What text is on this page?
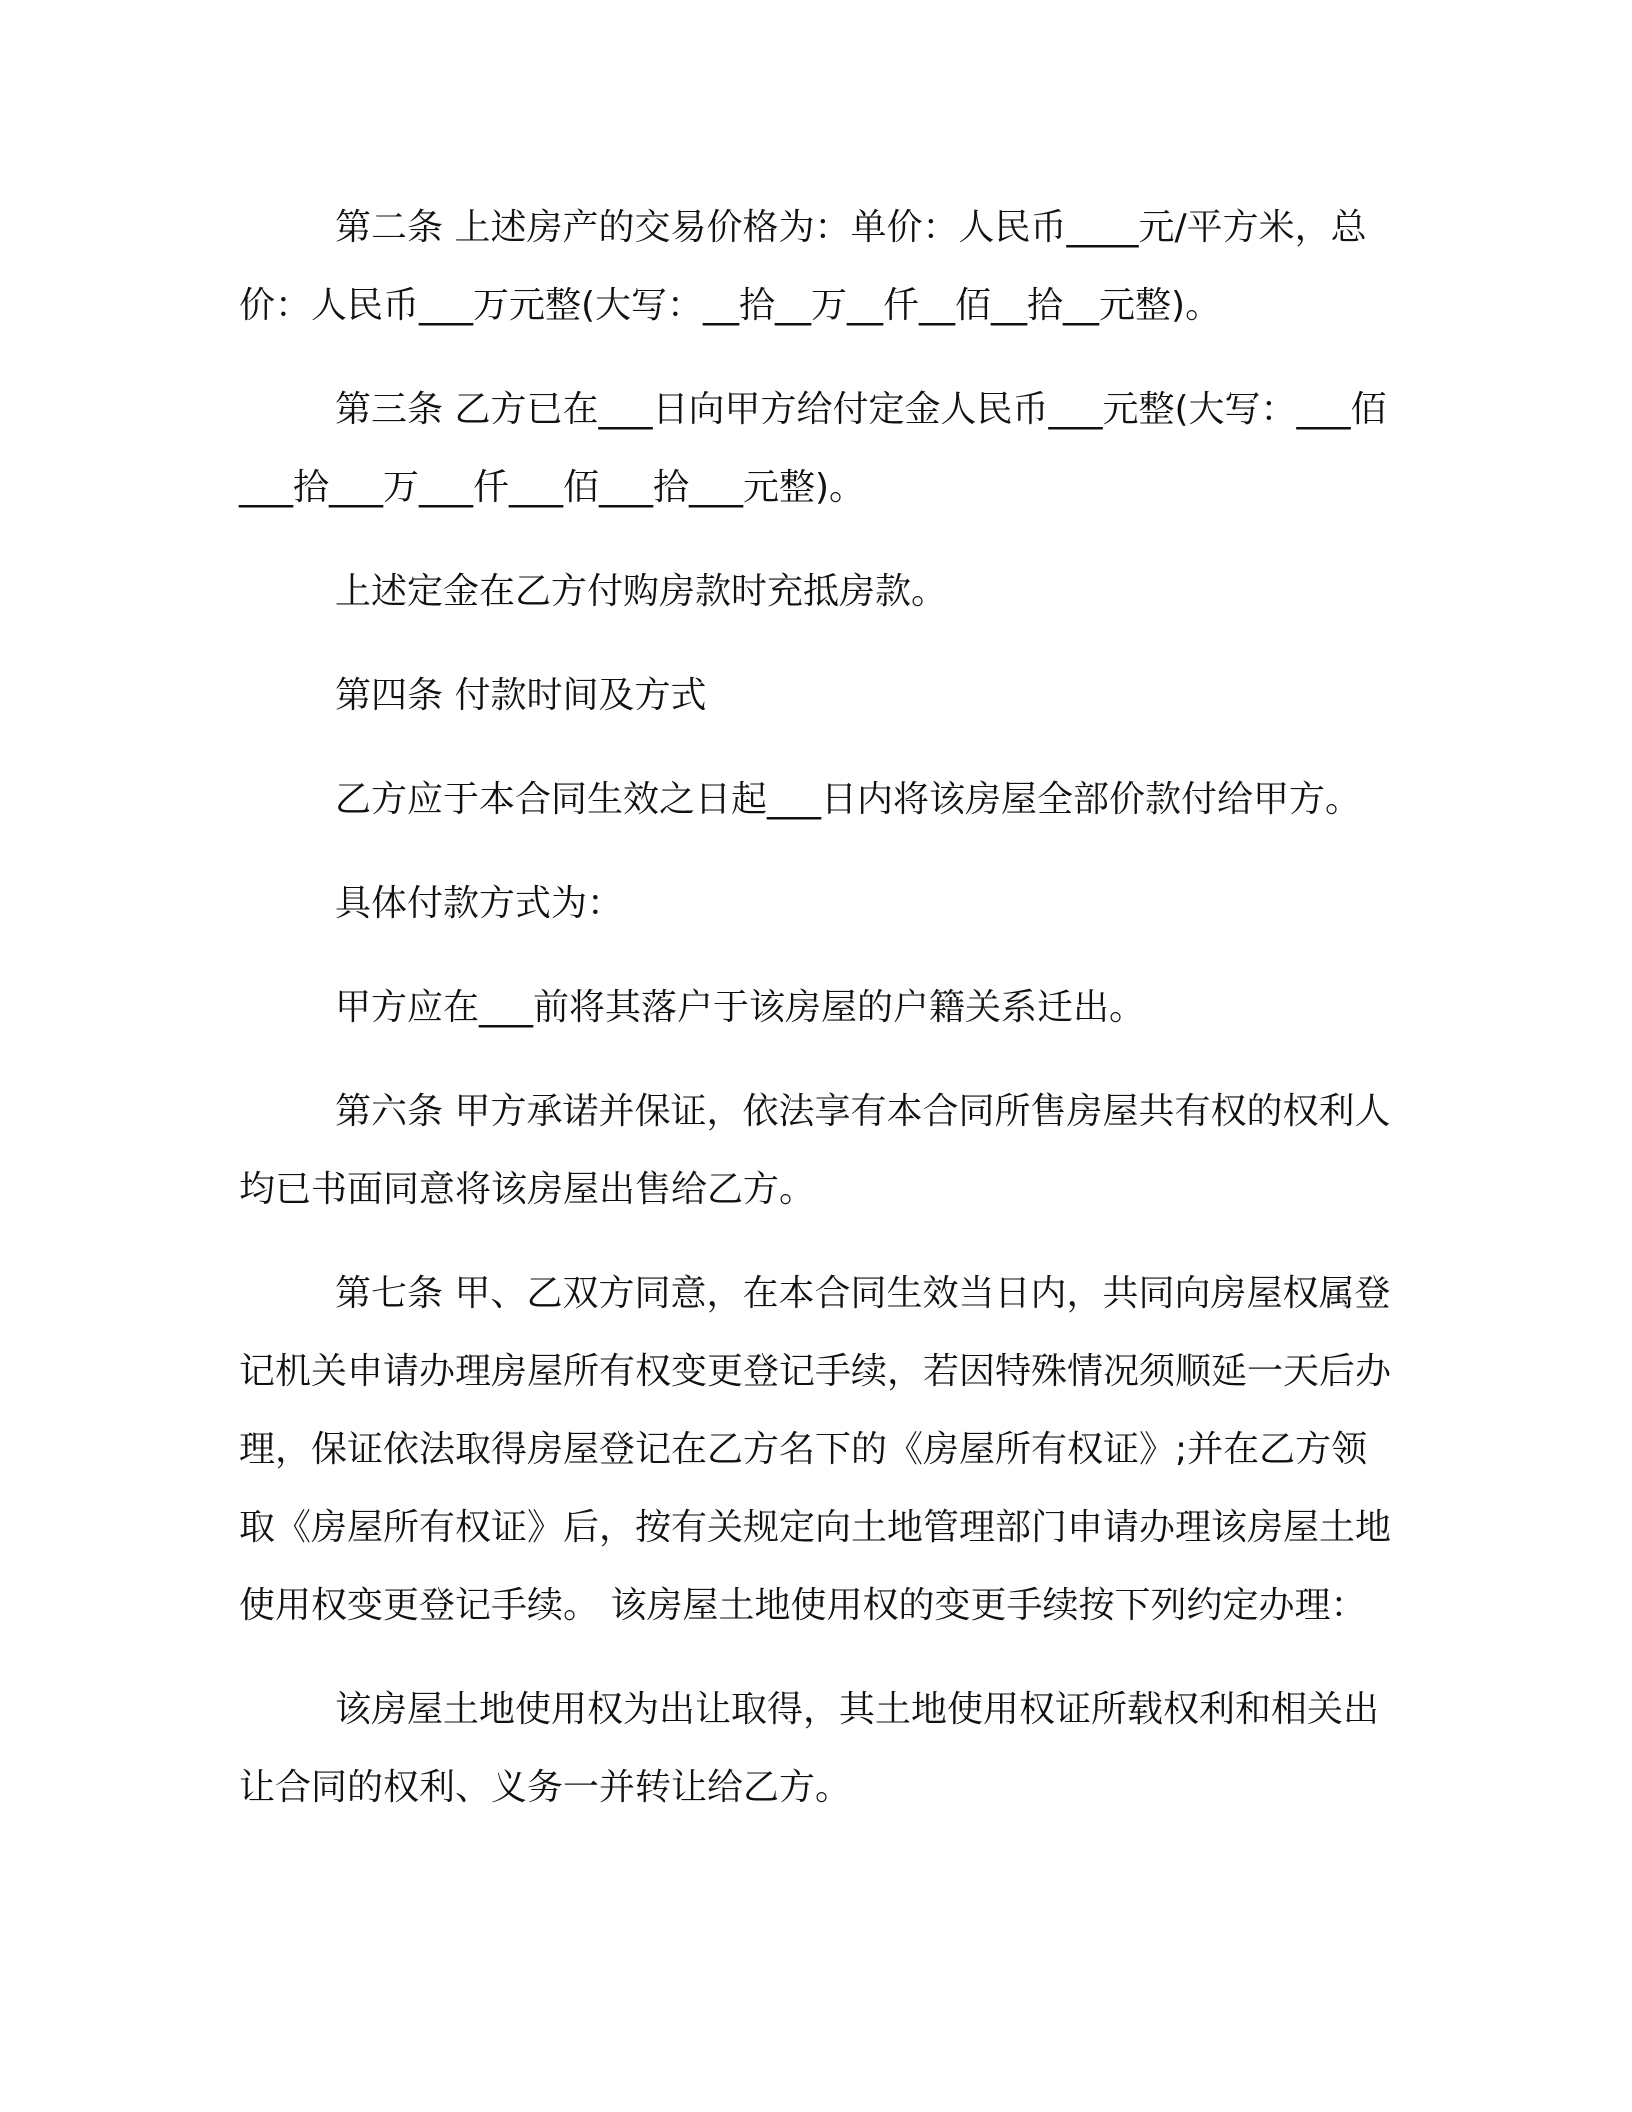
第二条 上述房产的交易价格为：单价：人民币____元/平方米，总价：人民币___万元整(大写：__拾__万__仟__佰__拾__元整)。

第三条 乙方已在___日向甲方给付定金人民币___元整(大写：___佰___拾___万___仟___佰___拾___元整)。

上述定金在乙方付购房款时充抵房款。

第四条 付款时间及方式

乙方应于本合同生效之日起___日内将该房屋全部价款付给甲方。

具体付款方式为：

甲方应在___前将其落户于该房屋的户籍关系迁出。

第六条 甲方承诺并保证，依法享有本合同所售房屋共有权的权利人均已书面同意将该房屋出售给乙方。

第七条 甲、乙双方同意，在本合同生效当日内，共同向房屋权属登记机关申请办理房屋所有权变更登记手续，若因特殊情况须顺延一天后办理，保证依法取得房屋登记在乙方名下的《房屋所有权证》;并在乙方领取《房屋所有权证》后，按有关规定向土地管理部门申请办理该房屋土地使用权变更登记手续。 该房屋土地使用权的变更手续按下列约定办理：

该房屋土地使用权为出让取得，其土地使用权证所载权利和相关出让合同的权利、义务一并转让给乙方。
